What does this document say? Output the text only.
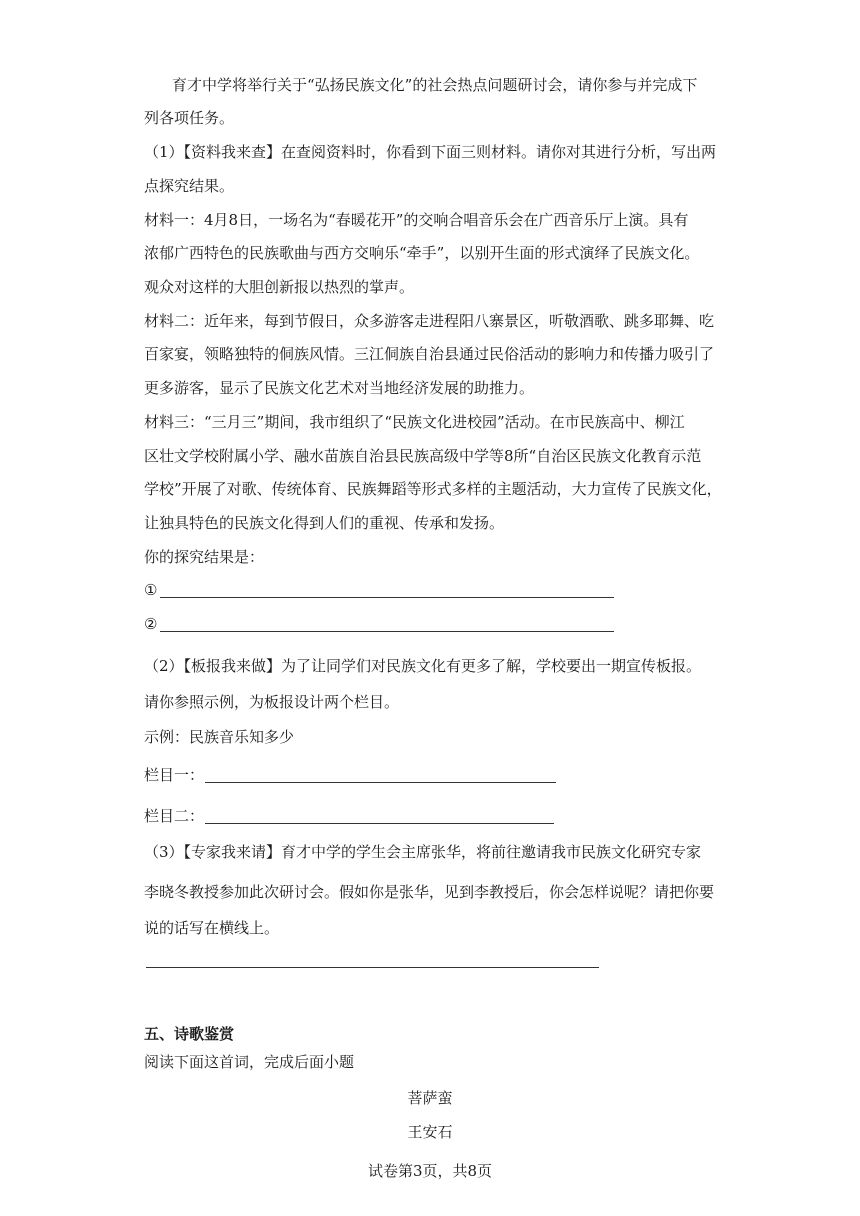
育才中学将举行关于“弘扬民族文化”的社会热点问题研讨会，请你参与并完成下
列各项任务。
（1）【资料我来查】在查阅资料时，你看到下面三则材料。请你对其进行分析，写出两
点探究结果。
材料一：4月8日，一场名为“春暖花开”的交响合唱音乐会在广西音乐厅上演。具有
浓郁广西特色的民族歌曲与西方交响乐“牵手”，以别开生面的形式演绎了民族文化。
观众对这样的大胆创新报以热烈的掌声。
材料二：近年来，每到节假日，众多游客走进程阳八寨景区，听敬酒歌、跳多耶舞、吃
百家宴，领略独特的侗族风情。三江侗族自治县通过民俗活动的影响力和传播力吸引了
更多游客，显示了民族文化艺术对当地经济发展的助推力。
材料三：“三月三”期间，我市组织了“民族文化进校园”活动。在市民族高中、柳江
区壮文学校附属小学、融水苗族自治县民族高级中学等8所“自治区民族文化教育示范
学校”开展了对歌、传统体育、民族舞蹈等形式多样的主题活动，大力宣传了民族文化，
让独具特色的民族文化得到人们的重视、传承和发扬。
你的探究结果是：
①
②
（2）【板报我来做】为了让同学们对民族文化有更多了解，学校要出一期宣传板报。
请你参照示例，为板报设计两个栏目。
示例：民族音乐知多少
栏目一：
栏目二：
（3）【专家我来请】育才中学的学生会主席张华，将前往邀请我市民族文化研究专家
李晓冬教授参加此次研讨会。假如你是张华，见到李教授后，你会怎样说呢？请把你要
说的话写在横线上。
五、诗歌鉴赏
阅读下面这首词，完成后面小题
菩萨蛮
王安石
试卷第3页，共8页
